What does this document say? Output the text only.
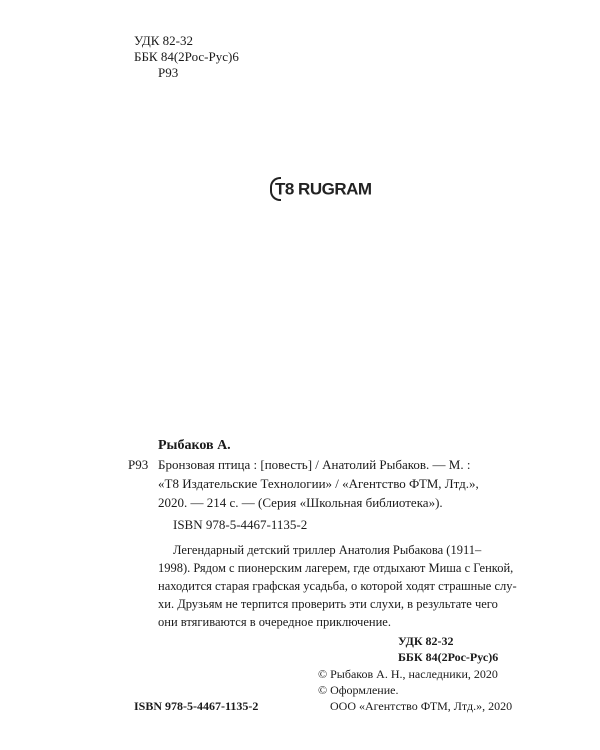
УДК 82-32
ББК 84(2Рос-Рус)6
Р93
T8 RUGRAM
Рыбаков А.
Р93 Бронзовая птица : [повесть] / Анатолий Рыбаков. — М. :
«Т8 Издательские Технологии» / «Агентство ФТМ, Лтд.»,
2020. — 214 с. — (Серия «Школьная библиотека»).
ISBN 978-5-4467-1135-2
Легендарный детский триллер Анатолия Рыбакова (1911–
1998). Рядом с пионерским лагерем, где отдыхают Миша с Генкой,
находится старая графская усадьба, о которой ходят страшные слу-
хи. Друзьям не терпится проверить эти слухи, в результате чего
они втягиваются в очередное приключение.
УДК 82-32
ББК 84(2Рос-Рус)6
© Рыбаков А. Н., наследники, 2020
© Оформление.
ООО «Агентство ФТМ, Лтд.», 2020
ISBN 978-5-4467-1135-2
